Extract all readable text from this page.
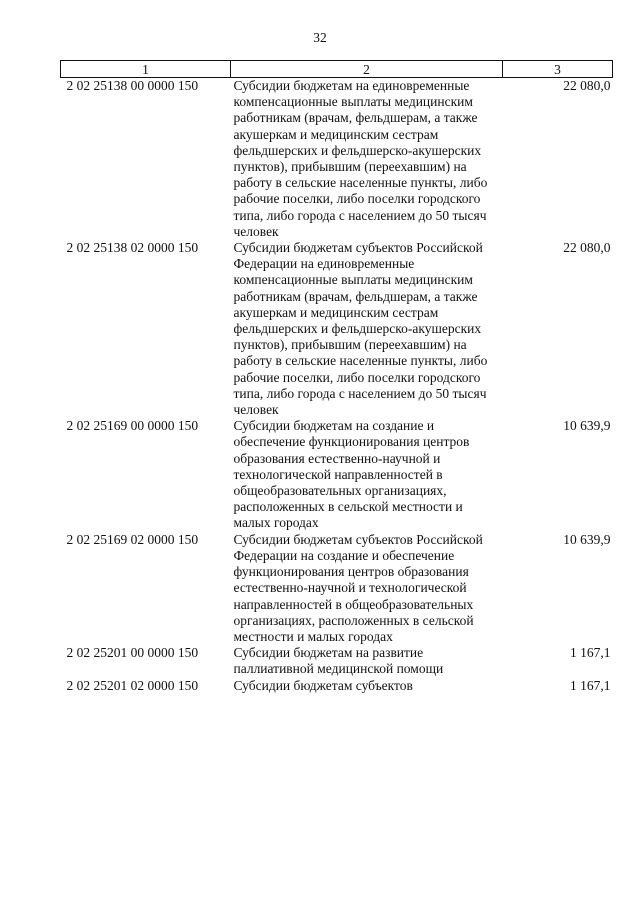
32
1	2	3
2 02 25138 00 0000 150	Субсидии бюджетам на единовременные компенсационные выплаты медицинским работникам (врачам, фельдшерам, а также акушеркам и медицинским сестрам фельдшерских и фельдшерско-акушерских пунктов), прибывшим (переехавшим) на работу в сельские населенные пункты, либо рабочие поселки, либо поселки городского типа, либо города с населением до 50 тысяч человек	22 080,0
2 02 25138 02 0000 150	Субсидии бюджетам субъектов Российской Федерации на единовременные компенсационные выплаты медицинским работникам (врачам, фельдшерам, а также акушеркам и медицинским сестрам фельдшерских и фельдшерско-акушерских пунктов), прибывшим (переехавшим) на работу в сельские населенные пункты, либо рабочие поселки, либо поселки городского типа, либо города с населением до 50 тысяч человек	22 080,0
2 02 25169 00 0000 150	Субсидии бюджетам на создание и обеспечение функционирования центров образования естественно-научной и технологической направленностей в общеобразовательных организациях, расположенных в сельской местности и малых городах	10 639,9
2 02 25169 02 0000 150	Субсидии бюджетам субъектов Российской Федерации на создание и обеспечение функционирования центров образования естественно-научной и технологической направленностей в общеобразовательных организациях, расположенных в сельской местности и малых городах	10 639,9
2 02 25201 00 0000 150	Субсидии бюджетам на развитие паллиативной медицинской помощи	1 167,1
2 02 25201 02 0000 150	Субсидии бюджетам субъектов	1 167,1
